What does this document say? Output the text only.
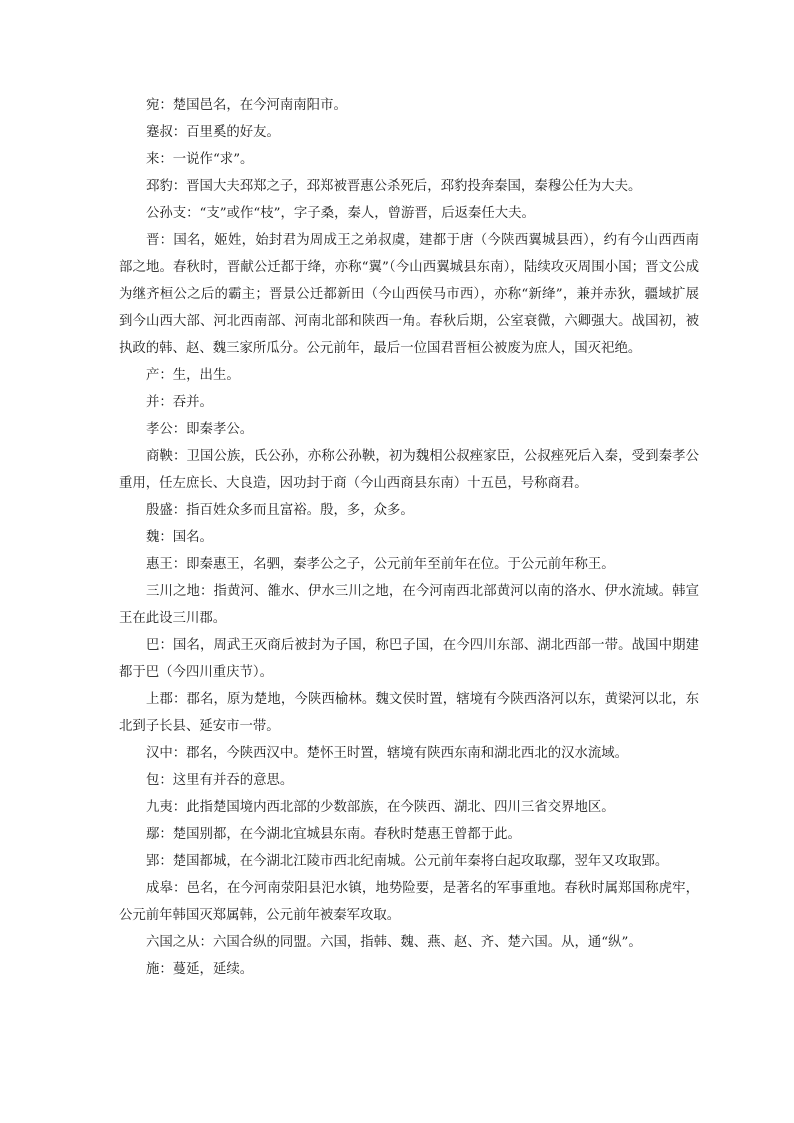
宛：楚国邑名，在今河南南阳市。

蹇叔：百里奚的好友。

来：一说作“求”。

邳豹：晋国大夫邳郑之子，邳郑被晋惠公杀死后，邳豹投奔秦国，秦穆公任为大夫。

公孙支：“支”或作“枝”，字子桑，秦人，曾游晋，后返秦任大夫。

晋：国名，姬姓，始封君为周成王之弟叔虞，建都于唐（今陕西翼城县西），约有今山西西南部之地。春秋时，晋献公迁都于绛，亦称“翼”（今山西翼城县东南），陆续攻灭周围小国；晋文公成为继齐桓公之后的霸主；晋景公迁都新田（今山西侯马市西），亦称“新绛”，兼并赤狄，疆域扩展到今山西大部、河北西南部、河南北部和陕西一角。春秋后期，公室衰微，六卿强大。战国初，被执政的韩、赵、魏三家所瓜分。公元前年，最后一位国君晋桓公被废为庶人，国灭祀绝。

产：生，出生。

并：吞并。

孝公：即秦孝公。

商鞅：卫国公族，氏公孙，亦称公孙鞅，初为魏相公叔痤家臣，公叔痤死后入秦，受到秦孝公重用，任左庶长、大良造，因功封于商（今山西商县东南）十五邑，号称商君。

殷盛：指百姓众多而且富裕。殷，多，众多。

魏：国名。

惠王：即秦惠王，名驷，秦孝公之子，公元前年至前年在位。于公元前年称王。

三川之地：指黄河、雒水、伊水三川之地，在今河南西北部黄河以南的洛水、伊水流域。韩宣王在此设三川郡。

巴：国名，周武王灭商后被封为子国，称巴子国，在今四川东部、湖北西部一带。战国中期建都于巴（今四川重庆节）。

上郡：郡名，原为楚地，今陕西榆林。魏文侯时置，辖境有今陕西洛河以东，黄梁河以北，东北到子长县、延安市一带。

汉中：郡名，今陕西汉中。楚怀王时置，辖境有陕西东南和湖北西北的汉水流域。

包：这里有并吞的意思。

九夷：此指楚国境内西北部的少数部族，在今陕西、湖北、四川三省交界地区。

鄢：楚国别都，在今湖北宜城县东南。春秋时楚惠王曾都于此。

郢：楚国都城，在今湖北江陵市西北纪南城。公元前年秦将白起攻取鄢，翌年又攻取郢。

成皋：邑名，在今河南荥阳县汜水镇，地势险要，是著名的军事重地。春秋时属郑国称虎牢，公元前年韩国灭郑属韩，公元前年被秦军攻取。

六国之从：六国合纵的同盟。六国，指韩、魏、燕、赵、齐、楚六国。从，通“纵”。

施：蔓延，延续。
